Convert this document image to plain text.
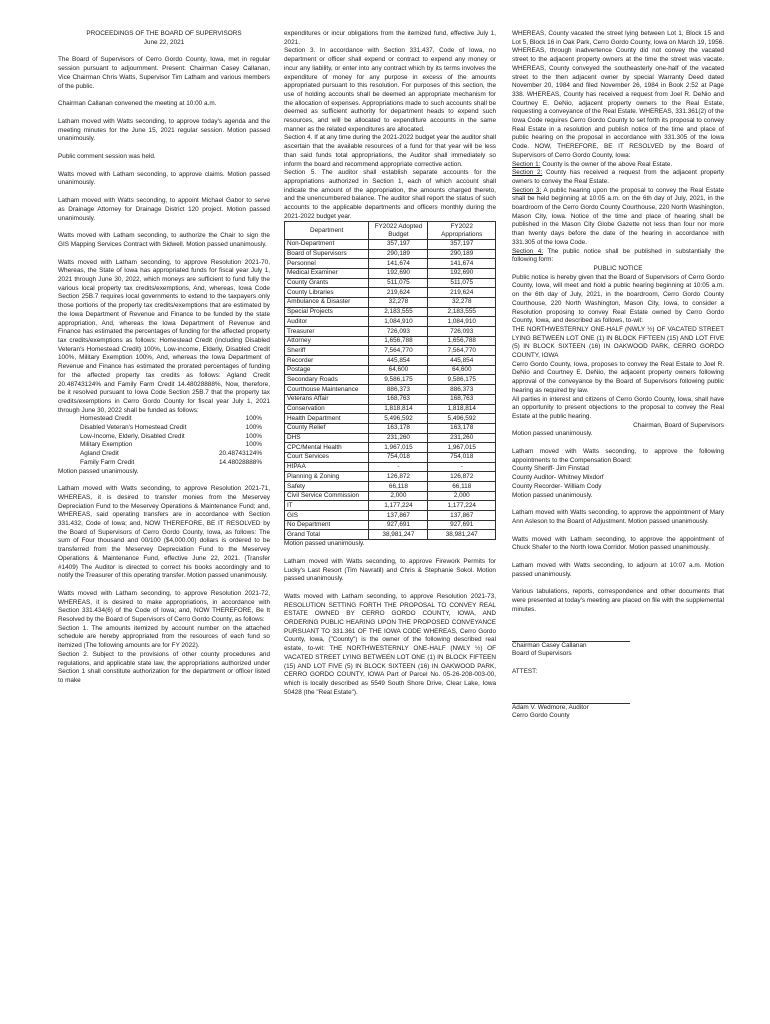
PROCEEDINGS OF THE BOARD OF SUPERVISORS

June 22, 2021

The Board of Supervisors of Cerro Gordo County, Iowa, met in regular session pursuant to adjournment. Present: Chairman Casey Callanan, Vice Chairman Chris Watts, Supervisor Tim Latham and various members of the public.

Chairman Callanan convened the meeting at 10:00 a.m.

Latham moved with Watts seconding, to approve today's agenda and the meeting minutes for the June 15, 2021 regular session. Motion passed unanimously.

Public comment session was held.

Watts moved with Latham seconding, to approve claims. Motion passed unanimously.

Latham moved with Watts seconding, to appoint Michael Gabor to serve as Drainage Attorney for Drainage District 120 project. Motion passed unanimously.

Watts moved with Latham seconding, to authorize the Chair to sign the GIS Mapping Services Contract with Sidwell. Motion passed unanimously.

Watts moved with Latham seconding, to approve Resolution 2021-70, Whereas, the State of Iowa has appropriated funds for fiscal year July 1, 2021 through June 30, 2022, which moneys are sufficient to fund fully the various local property tax credits/exemptions, And, whereas, Iowa Code Section 25B.7 requires local governments to extend to the taxpayers only those portions of the property tax credits/exemptions that are estimated by the Iowa Department of Revenue and Finance to be funded by the state appropriation, And, whereas the Iowa Department of Revenue and Finance has estimated the percentages of funding for the affected property tax credits/exemptions as follows: Homestead Credit (including Disabled Veteran's Homestead Credit) 100%, Low-income, Elderly, Disabled Credit 100%, Military Exemption 100%, And, whereas the Iowa Department of Revenue and Finance has estimated the prorated percentages of funding for the affected property tax credits as follows: Agland Credit 20.48743124% and Family Farm Credit 14.48028888%, Now, therefore, be it resolved pursuant to Iowa Code Section 25B.7 that the property tax credits/exemptions in Cerro Gordo County for fiscal year July 1, 2021 through June 30, 2022 shall be funded as follows:

Homestead Credit	100%
Disabled Veteran's Homestead Credit	100%
Low-Income, Elderly, Disabled Credit	100%
Military Exemption	100%
Agland Credit	20.48743124%
Family Farm Credit	14.48028888%

Motion passed unanimously.

Latham moved with Watts seconding, to approve Resolution 2021-71, WHEREAS, it is desired to transfer monies from the Meservey Depreciation Fund to the Meservey Operations & Maintenance Fund; and, WHEREAS, said operating transfers are in accordance with Section 331.432, Code of Iowa; and, NOW THEREFORE, BE IT RESOLVED by the Board of Supervisors of Cerro Gordo County, Iowa, as follows: The sum of Four thousand and 00/100 ($4,000.00) dollars is ordered to be transferred from the Meservey Depreciation Fund to the Meservey Operations & Maintenance Fund, effective June 22, 2021. (Transfer #1409) The Auditor is directed to correct his books accordingly and to notify the Treasurer of this operating transfer. Motion passed unanimously.

Watts moved with Latham seconding, to approve Resolution 2021-72, WHEREAS, it is desired to make appropriations, in accordance with Section 331.434(6) of the Code of Iowa; and, NOW THEREFORE, Be It Resolved by the Board of Supervisors of Cerro Gordo County, as follows:

Section 1. The amounts itemized by account number on the attached schedule are hereby appropriated from the resources of each fund so itemized (The following amounts are for FY 2022).

Section 2. Subject to the provisions of other county procedures and regulations, and applicable state law, the appropriations authorized under Section 1 shall constitute authorization for the department or officer listed to make

expenditures or incur obligations from the itemized fund, effective July 1, 2021.

Section 3. In accordance with Section 331.437, Code of Iowa, no department or officer shall expend or contract to expend any money or incur any liability, or enter into any contract which by its terms involves the expenditure of money for any purpose in excess of the amounts appropriated pursuant to this resolution. For purposes of this section, the use of holding accounts shall be deemed an appropriate mechanism for the allocation of expenses. Appropriations made to such accounts shall be deemed as sufficient authority for department heads to expend such resources, and will be allocated to expenditure accounts in the same manner as the related expenditures are allocated.

Section 4. If at any time during the 2021-2022 budget year the auditor shall ascertain that the available resources of a fund for that year will be less than said funds total appropriations, the Auditor shall immediately so inform the board and recommend appropriate corrective action.

Section 5. The auditor shall establish separate accounts for the appropriations authorized in Section 1, each of which account shall indicate the amount of the appropriation, the amounts charged thereto, and the unencumbered balance. The auditor shall report the status of such accounts to the applicable departments and officers monthly during the 2021-2022 budget year.

Department	FY2022 Adopted Budget	FY2022 Appropriations
Non-Department	357,197	357,197
Board of Supervisors	290,189	290,189
Personnel	141,674	141,674
Medical Examiner	192,690	192,690
County Grants	511,075	511,075
County Libraries	219,624	219,624
Ambulance & Disaster	32,278	32,278
Special Projects	2,183,555	2,183,555
Auditor	1,084,910	1,084,910
Treasurer	726,093	726,093
Attorney	1,656,788	1,656,788
Sheriff	7,564,770	7,564,770
Recorder	445,854	445,854
Postage	64,600	64,600
Secondary Roads	9,586,175	9,586,175
Courthouse Maintenance	886,373	886,373
Veterans Affair	168,763	168,763
Conservation	1,818,814	1,818,814
Health Department	5,496,592	5,496,592
County Relief	163,178	163,178
DHS	231,260	231,260
CPC/Mental Health	1,967,015	1,967,015
Court Services	754,018	754,018
HIPAA	-	-
Planning & Zoning	126,872	126,872
Safety	66,118	66,118
Civil Service Commission	2,000	2,000
IT	1,177,224	1,177,224
GIS	137,867	137,867
No Department	927,691	927,691
Grand Total	38,981,247	38,981,247

Motion passed unanimously.

Latham moved with Watts seconding, to approve Firework Permits for Lucky's Last Resort (Tim Navratil) and Chris & Stephanie Sokol. Motion passed unanimously.

Watts moved with Latham seconding, to approve Resolution 2021-73, RESOLUTION SETTING FORTH THE PROPOSAL TO CONVEY REAL ESTATE OWNED BY CERRO GORDO COUNTY, IOWA, AND ORDERING PUBLIC HEARING UPON THE PROPOSED CONVEYANCE PURSUANT TO 331.361 OF THE IOWA CODE WHEREAS, Cerro Gordo County, Iowa, ("County") is the owner of the following described real estate, to-wit: THE NORTHWESTERNLY ONE-HALF (NWLY ½) OF VACATED STREET LYING BETWEEN LOT ONE (1) IN BLOCK FIFTEEN (15) AND LOT FIVE (5) IN BLOCK SIXTEEN (16) IN OAKWOOD PARK, CERRO GORDO COUNTY, IOWA Part of Parcel No. 05-26-208-003-00, which is locally described as 5549 South Shore Drive, Clear Lake, Iowa 50428 (the "Real Estate").

WHEREAS, County vacated the street lying between Lot 1, Block 15 and Lot 5, Block 16 in Oak Park, Cerro Gordo County, Iowa on March 19, 1956. WHEREAS, through inadvertence County did not convey the vacated street to the adjacent property owners at the time the street was vacate. WHEREAS, County conveyed the southeasterly one-half of the vacated street to the then adjacent owner by special Warranty Deed dated November 20, 1984 and filed November 26, 1984 in Book 2:52 at Page 338. WHEREAS, County has received a request from Joel R. DeNio and Courtney E. DeNio, adjacent property owners to the Real Estate, requesting a conveyance of the Real Estate. WHEREAS, 331.361(2) of the Iowa Code requires Cerro Gordo County to set forth its proposal to convey Real Estate in a resolution and publish notice of the time and place of public hearing on the proposal in accordance with 331.305 of the Iowa Code. NOW, THEREFORE, BE IT RESOLVED by the Board of Supervisors of Cerro Gordo County, Iowa:

Section 1: County is the owner of the above Real Estate.

Section 2: County has received a request from the adjacent property owners to convey the Real Estate.

Section 3: A public hearing upon the proposal to convey the Real Estate shall be held beginning at 10:05 a.m. on the 6th day of July, 2021, in the boardroom of the Cerro Gordo County Courthouse, 220 North Washington, Mason City, Iowa. Notice of the time and place of hearing shall be published in the Mason City Globe Gazette not less than four nor more than twenty days before the date of the hearing in accordance with 331.305 of the Iowa Code.

Section 4: The public notice shall be published in substantially the following form:

PUBLIC NOTICE

Public notice is hereby given that the Board of Supervisors of Cerro Gordo County, Iowa, will meet and hold a public hearing beginning at 10:05 a.m. on the 6th day of July, 2021, in the boardroom, Cerro Gordo County Courthouse, 220 North Washington, Mason City, Iowa, to consider a Resolution proposing to convey Real Estate owned by Cerro Gordo County, Iowa, and described as follows, to-wit:

THE NORTHWESTERNLY ONE-HALF (NWLY ½) OF VACATED STREET LYING BETWEEN LOT ONE (1) IN BLOCK FIFTEEN (15) AND LOT FIVE (5) IN BLOCK SIXTEEN (16) IN OAKWOOD PARK, CERRO GORDO COUNTY, IOWA

Cerro Gordo County, Iowa, proposes to convey the Real Estate to Joel R. DeNio and Courtney E. DeNio, the adjacent property owners following approval of the conveyance by the Board of Supervisors following public hearing as required by law.

All parties in interest and citizens of Cerro Gordo County, Iowa, shall have an opportunity to present objections to the proposal to convey the Real Estate at the public hearing.

Chairman, Board of Supervisors

Motion passed unanimously.

Latham moved with Watts seconding, to approve the following appointments to the Compensation Board:

County Sheriff- Jim Finstad

County Auditor- Whitney Mixdorf

County Recorder- William Cody

Motion passed unanimously.

Latham moved with Watts seconding, to approve the appointment of Mary Ann Asleson to the Board of Adjustment. Motion passed unanimously.

Watts moved with Latham seconding, to approve the appointment of Chuck Shafer to the North Iowa Corridor. Motion passed unanimously.

Latham moved with Watts seconding, to adjourn at 10:07 a.m. Motion passed unanimously.

Various tabulations, reports, correspondence and other documents that were presented at today's meeting are placed on file with the supplemental minutes.

Chairman Casey Callanan

Board of Supervisors

ATTEST:

Adam V. Wedmore, Auditor

Cerro Gordo County
